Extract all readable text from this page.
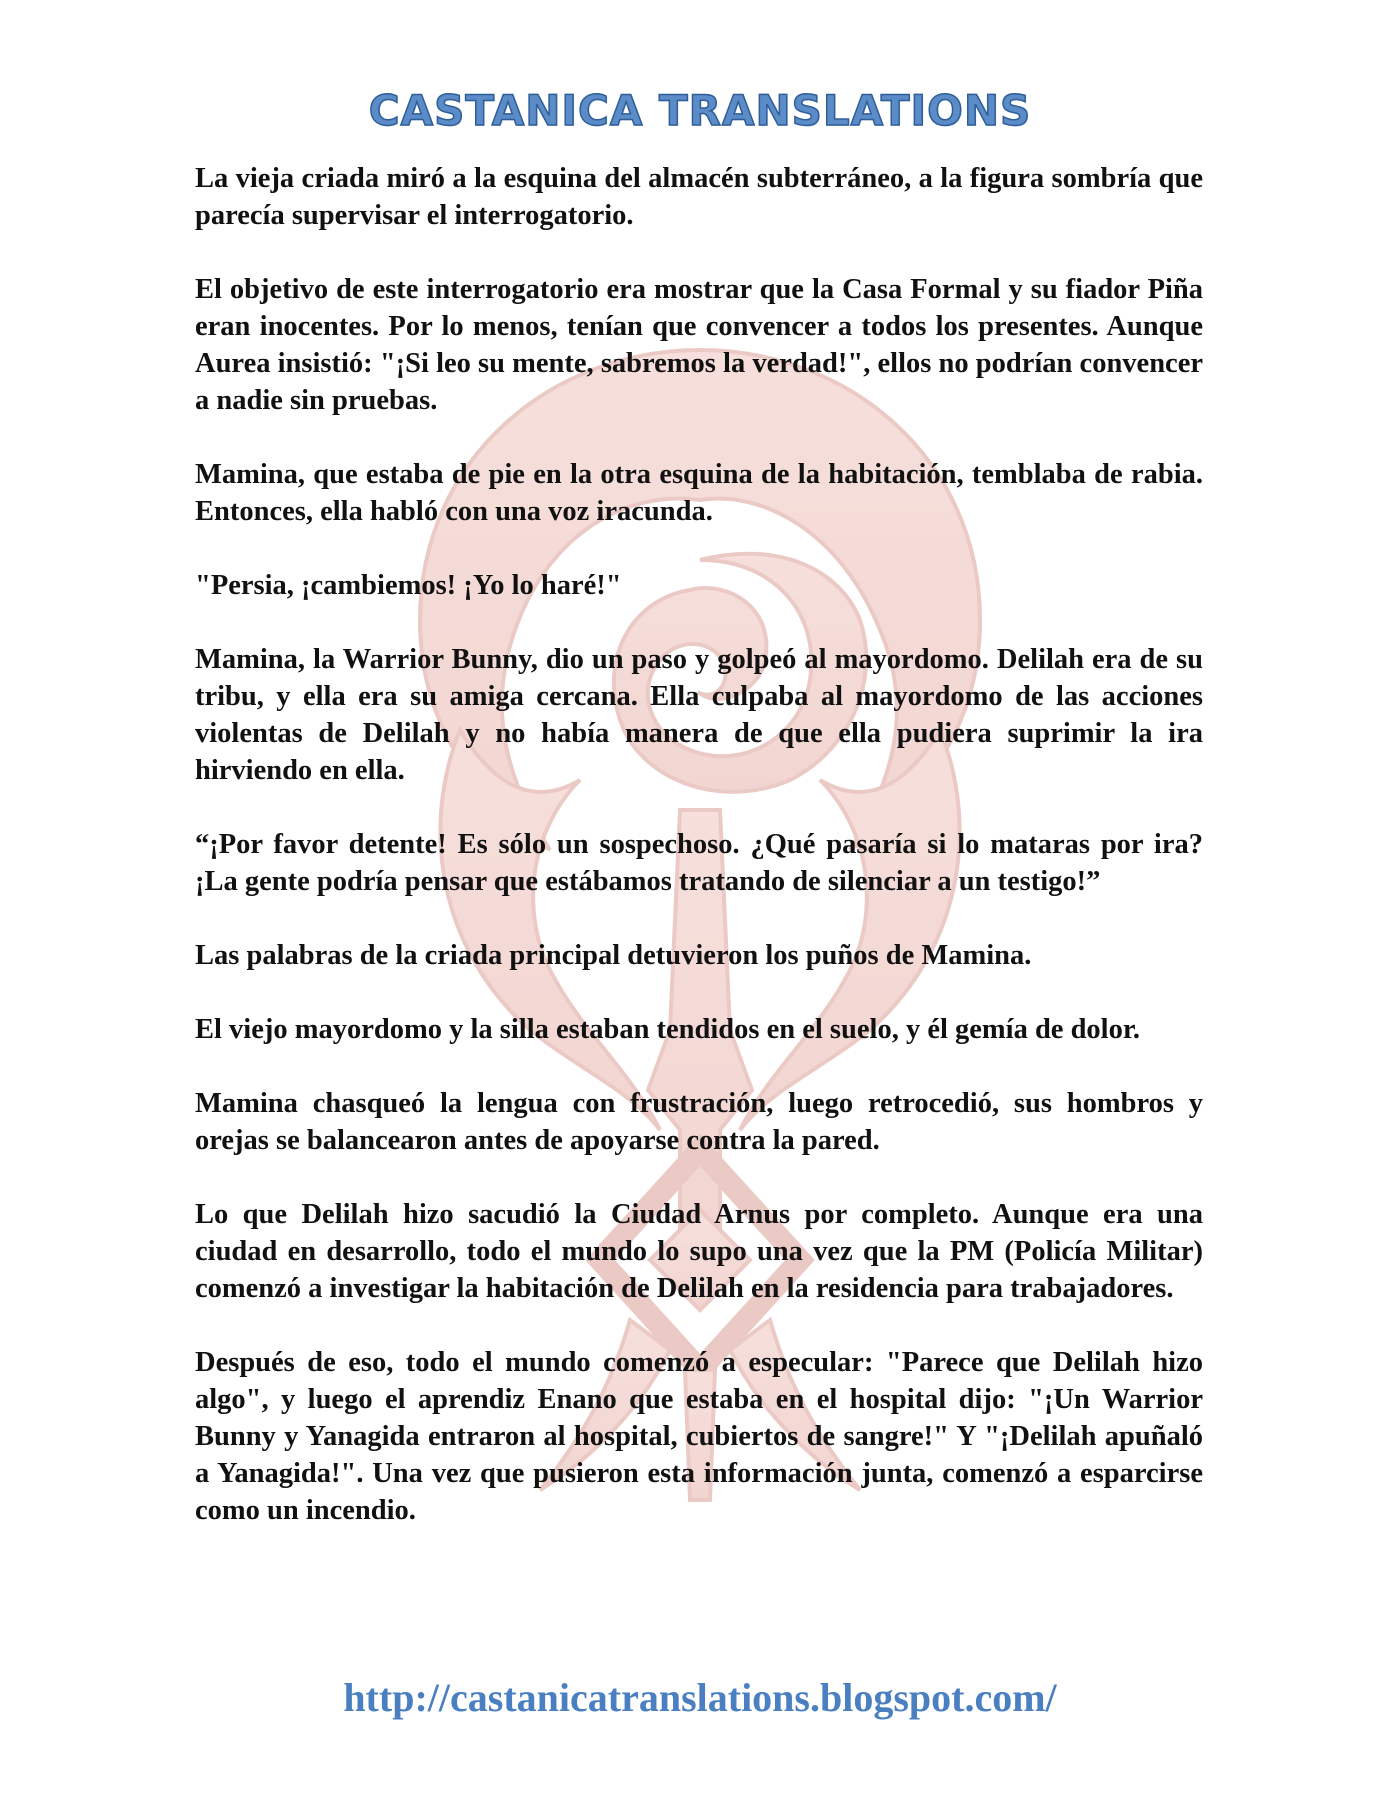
CASTANICA TRANSLATIONS

La vieja criada miró a la esquina del almacén subterráneo, a la figura sombría que parecía supervisar el interrogatorio.

El objetivo de este interrogatorio era mostrar que la Casa Formal y su fiador Piña eran inocentes. Por lo menos, tenían que convencer a todos los presentes. Aunque Aurea insistió: "¡Si leo su mente, sabremos la verdad!", ellos no podrían convencer a nadie sin pruebas.

Mamina, que estaba de pie en la otra esquina de la habitación, temblaba de rabia. Entonces, ella habló con una voz iracunda.

"Persia, ¡cambiemos! ¡Yo lo haré!"

Mamina, la Warrior Bunny, dio un paso y golpeó al mayordomo. Delilah era de su tribu, y ella era su amiga cercana. Ella culpaba al mayordomo de las acciones violentas de Delilah y no había manera de que ella pudiera suprimir la ira hirviendo en ella.

“¡Por favor detente! Es sólo un sospechoso. ¿Qué pasaría si lo mataras por ira? ¡La gente podría pensar que estábamos tratando de silenciar a un testigo!”

Las palabras de la criada principal detuvieron los puños de Mamina.

El viejo mayordomo y la silla estaban tendidos en el suelo, y él gemía de dolor.

Mamina chasqueó la lengua con frustración, luego retrocedió, sus hombros y orejas se balancearon antes de apoyarse contra la pared.

Lo que Delilah hizo sacudió la Ciudad Arnus por completo. Aunque era una ciudad en desarrollo, todo el mundo lo supo una vez que la PM (Policía Militar) comenzó a investigar la habitación de Delilah en la residencia para trabajadores.

Después de eso, todo el mundo comenzó a especular: "Parece que Delilah hizo algo", y luego el aprendiz Enano que estaba en el hospital dijo: "¡Un Warrior Bunny y Yanagida entraron al hospital, cubiertos de sangre!" Y "¡Delilah apuñaló a Yanagida!". Una vez que pusieron esta información junta, comenzó a esparcirse como un incendio.

http://castanicatranslations.blogspot.com/
